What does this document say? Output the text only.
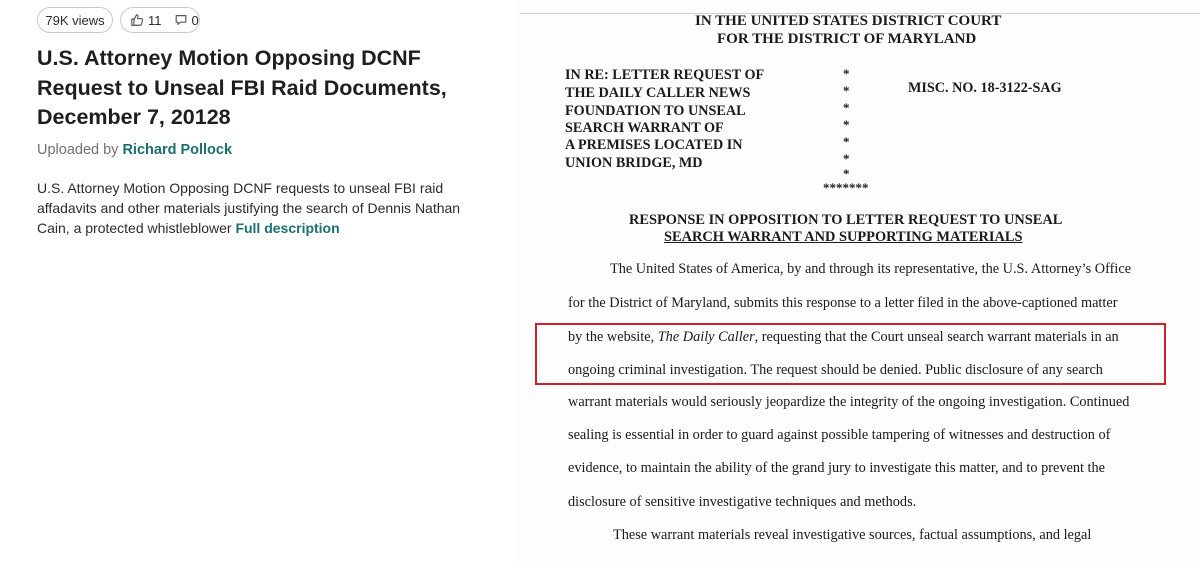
79K views	11 0
U.S. Attorney Motion Opposing DCNF Request to Unseal FBI Raid Documents, December 7, 20128
Uploaded by Richard Pollock
U.S. Attorney Motion Opposing DCNF requests to unseal FBI raid affadavits and other materials justifying the search of Dennis Nathan Cain, a protected whistleblower Full description
IN THE UNITED STATES DISTRICT COURT
FOR THE DISTRICT OF MARYLAND
IN RE: LETTER REQUEST OF
THE DAILY CALLER NEWS
FOUNDATION TO UNSEAL
SEARCH WARRANT OF
A PREMISES LOCATED IN
UNION BRIDGE, MD
*
*
*
*
*
*
*
*******
MISC. NO. 18-3122-SAG
RESPONSE IN OPPOSITION TO LETTER REQUEST TO UNSEAL
SEARCH WARRANT AND SUPPORTING MATERIALS
The United States of America, by and through its representative, the U.S. Attorney’s Office
for the District of Maryland, submits this response to a letter filed in the above-captioned matter
by the website, The Daily Caller, requesting that the Court unseal search warrant materials in an
ongoing criminal investigation. The request should be denied. Public disclosure of any search
warrant materials would seriously jeopardize the integrity of the ongoing investigation. Continued
sealing is essential in order to guard against possible tampering of witnesses and destruction of
evidence, to maintain the ability of the grand jury to investigate this matter, and to prevent the
disclosure of sensitive investigative techniques and methods.
These warrant materials reveal investigative sources, factual assumptions, and legal
